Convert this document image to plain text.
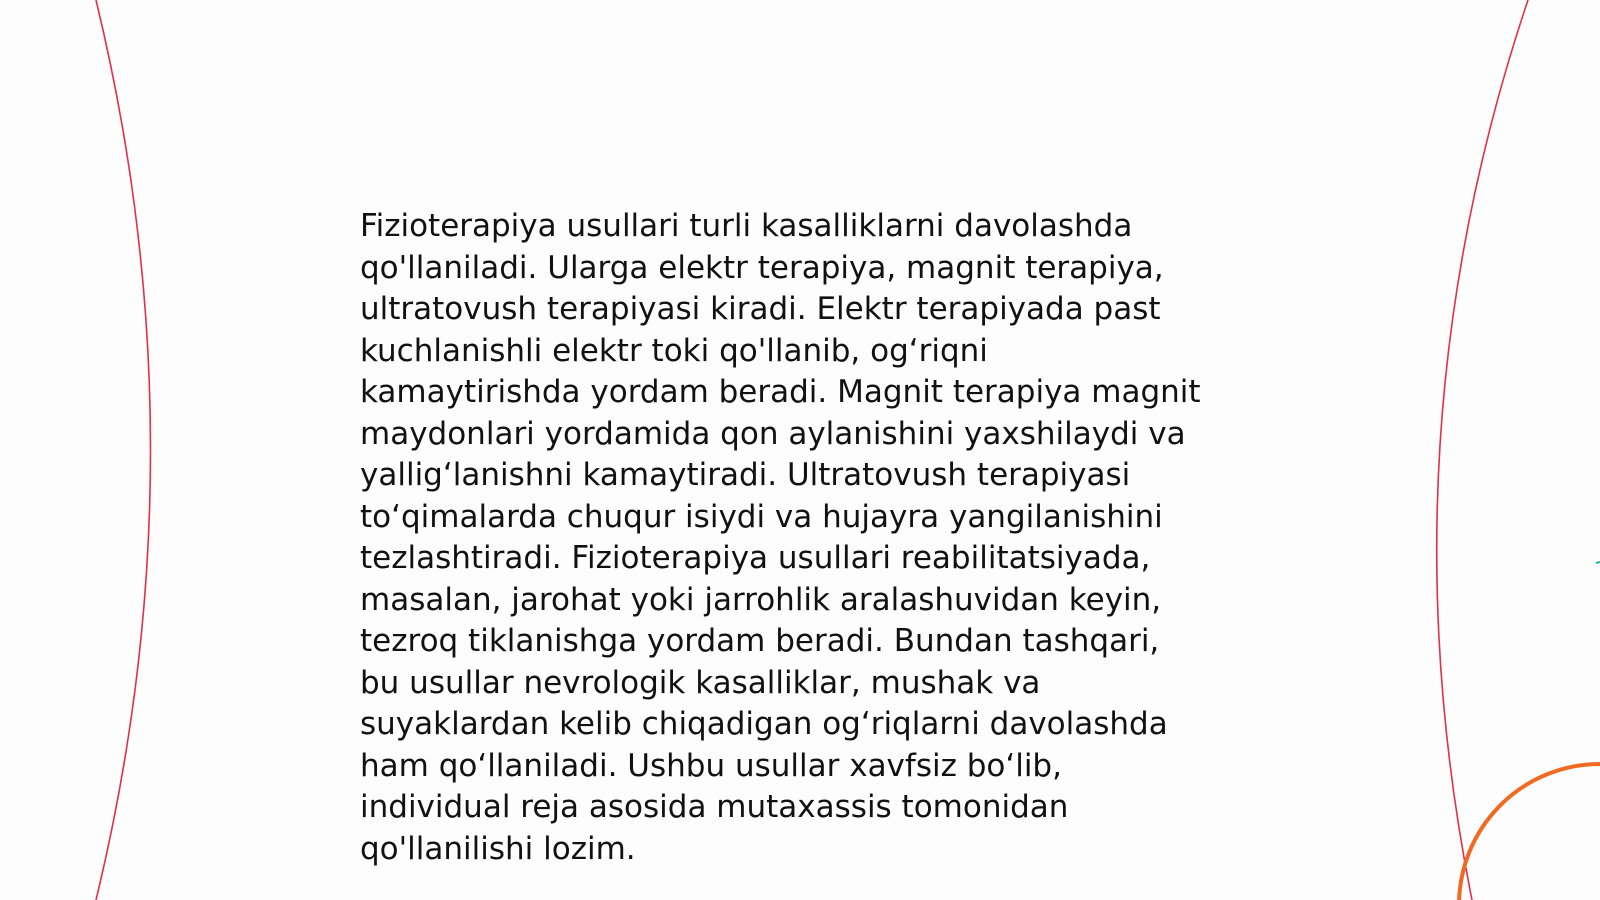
Fizioterapiya usullari turli kasalliklarni davolashda
qo'llaniladi. Ularga elektr terapiya, magnit terapiya,
ultratovush terapiyasi kiradi. Elektr terapiyada past
kuchlanishli elektr toki qo'llanib, ogʻriqni
kamaytirishda yordam beradi. Magnit terapiya magnit
maydonlari yordamida qon aylanishini yaxshilaydi va
yalligʻlanishni kamaytiradi. Ultratovush terapiyasi
toʻqimalarda chuqur isiydi va hujayra yangilanishini
tezlashtiradi. Fizioterapiya usullari reabilitatsiyada,
masalan, jarohat yoki jarrohlik aralashuvidan keyin,
tezroq tiklanishga yordam beradi. Bundan tashqari,
bu usullar nevrologik kasalliklar, mushak va
suyaklardan kelib chiqadigan ogʻriqlarni davolashda
ham qoʻllaniladi. Ushbu usullar xavfsiz boʻlib,
individual reja asosida mutaxassis tomonidan
qo'llanilishi lozim.
